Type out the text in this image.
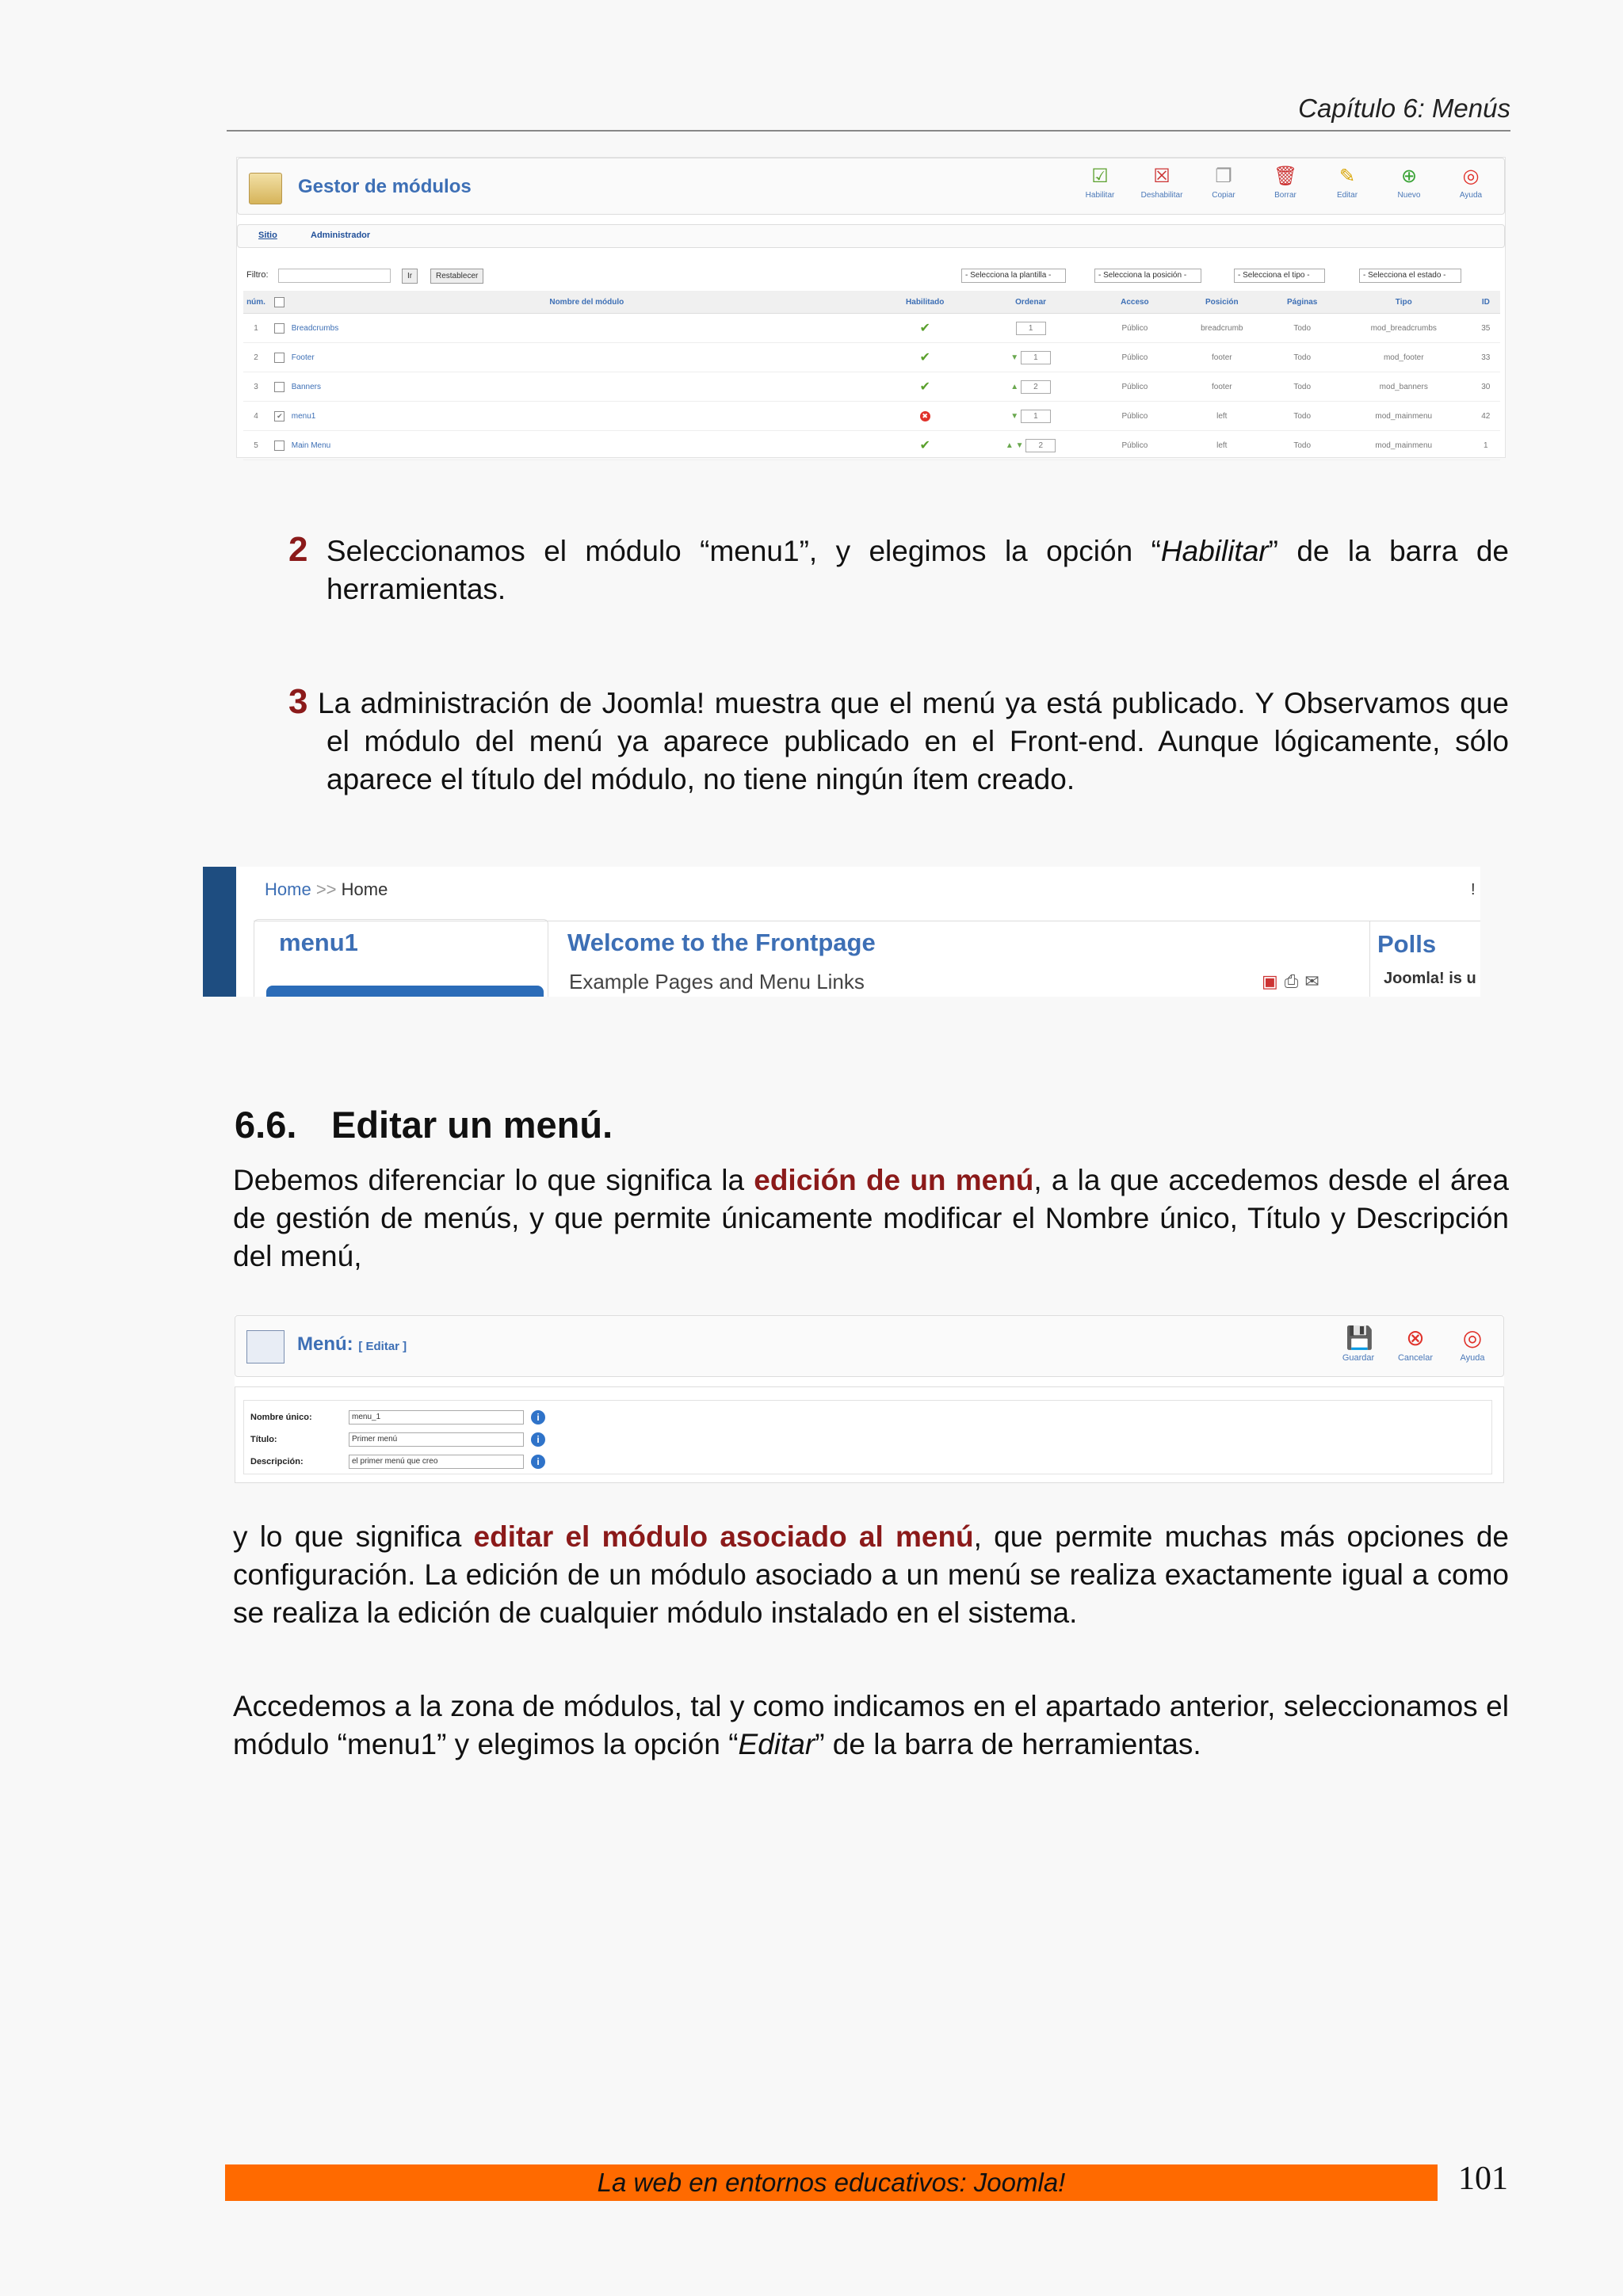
Capítulo 6: Menús
Gestor de módulos	☑
Habilitar
☒
Deshabilitar
❐
Copiar
🗑
Borrar
✎
Editar
⊕
Nuevo
◎
Ayuda
Sitio	Administrador
Filtro:	Ir	Restablecer	- Selecciona la plantilla -	- Selecciona la posición -	- Selecciona el tipo -	- Selecciona el estado -
núm.		Nombre del módulo	Habilitado	Ordenar	Acceso	Posición	Páginas	Tipo	ID
1		Breadcrumbs	✔	1	Público	breadcrumb	Todo	mod_breadcrumbs	35
2		Footer	✔	▼ 1	Público	footer	Todo	mod_footer	33
3		Banners	✔	▲ 2	Público	footer	Todo	mod_banners	30
4	✔	menu1	✖	▼ 1	Público	left	Todo	mod_mainmenu	42
5		Main Menu	✔	▲ ▼ 2	Público	left	Todo	mod_mainmenu	1
2 Seleccionamos el módulo “menu1”, y elegimos la opción “Habilitar” de la barra de herramientas.
3 La administración de Joomla! muestra que el menú ya está publicado. Y Observamos que el módulo del menú ya aparece publicado en el Front-end. Aunque lógicamente, sólo aparece el título del módulo, no tiene ningún ítem creado.
Home >> Home	!
menu1	Welcome to the Frontpage
Example Pages and Menu Links	▣⎙✉
Polls
Joomla! is u
6.6. Editar un menú.
Debemos diferenciar lo que significa la edición de un menú, a la que accedemos desde el área de gestión de menús, y que permite únicamente modificar el Nombre único, Título y Descripción del menú,
Menú: [ Editar ]	💾
Guardar
⊗
Cancelar
◎
Ayuda
Nombre único:	menu_1	i
Título:	Primer menú	i
Descripción:	el primer menú que creo	i
y lo que significa editar el módulo asociado al menú, que permite muchas más opciones de configuración. La edición de un módulo asociado a un menú se realiza exactamente igual a como se realiza la edición de cualquier módulo instalado en el sistema.
Accedemos a la zona de módulos, tal y como indicamos en el apartado anterior, seleccionamos el módulo “menu1” y elegimos la opción “Editar” de la barra de herramientas.
La web en entornos educativos: Joomla!	101
